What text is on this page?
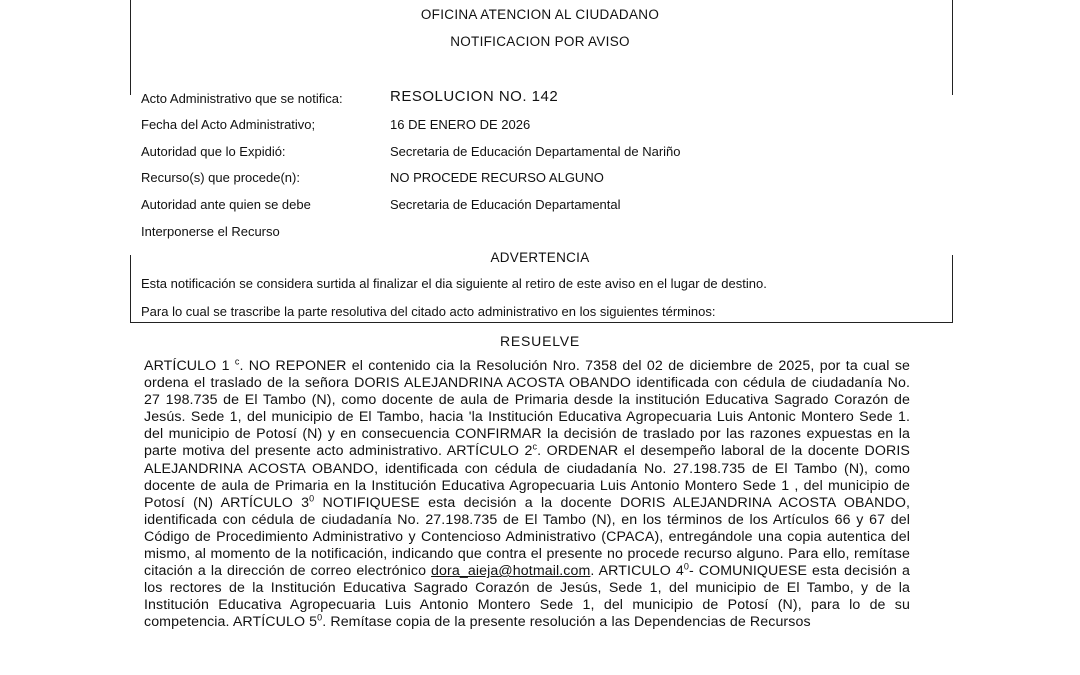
OFICINA ATENCION AL CIUDADANO
NOTIFICACION POR AVISO
Acto Administrativo que se notifica:	RESOLUCION NO. 142
Fecha del Acto Administrativo;	16 DE ENERO DE 2026
Autoridad que lo Expidió:	Secretaria de Educación Departamental de Nariño
Recurso(s) que procede(n):	NO PROCEDE RECURSO ALGUNO
Autoridad ante quien se debe	Secretaria de Educación Departamental
Interponerse el Recurso
ADVERTENCIA
Esta notificación se considera surtida al finalizar el dia siguiente al retiro de este aviso en el lugar de destino.
Para lo cual se trascribe la parte resolutiva del citado acto administrativo en los siguientes términos:
RESUELVE

ARTÍCULO 1 $^c$. NO REPONER el contenido cia la Resolución Nro. 7358 del 02 de diciembre de 2025, por ta cual se ordena el traslado de la señora DORIS ALEJANDRINA ACOSTA OBANDO identificada con cédula de ciudadanía No. 27 198.735 de El Tambo (N), como docente de aula de Primaria desde la institución Educativa Sagrado Corazón de Jesús. Sede 1, del municipio de El Tambo, hacia 'la Institución Educativa Agropecuaria Luis Antonic Montero Sede 1. del municipio de Potosí (N) y en consecuencia CONFIRMAR la decisión de traslado por las razones expuestas en la parte motiva del presente acto administrativo. ARTÍCULO 2$^c$. ORDENAR el desempeño laboral de la docente DORIS ALEJANDRINA ACOSTA OBANDO, identificada con cédula de ciudadanía No. 27.198.735 de El Tambo (N), como docente de aula de Primaria en la Institución Educativa Agropecuaria Luis Antonio Montero Sede 1 , del municipio de Potosí (N) ARTÍCULO $3^0$ NOTIFIQUESE esta decisión a la docente DORIS ALEJANDRINA ACOSTA OBANDO, identificada con cédula de ciudadanía No. 27.198.735 de El Tambo (N), en los términos de los Artículos 66 y 67 del Código de Procedimiento Administrativo y Contencioso Administrativo (CPACA), entregándole una copia autentica del mismo, al momento de la notificación, indicando que contra el presente no procede recurso alguno. Para ello, remítase citación a la dirección de correo electrónico dora_aieja@hotmail.com. ARTICULO $4^0-$ COMUNIQUESE esta decisión a los rectores de la Institución Educativa Sagrado Corazón de Jesús, Sede 1, del municipio de El Tambo, y de la Institución Educativa Agropecuaria Luis Antonio Montero Sede 1, del municipio de Potosí (N), para lo de su competencia. ARTÍCULO $5^0$. Remítase copia de la presente resolución a las Dependencias de Recursos
